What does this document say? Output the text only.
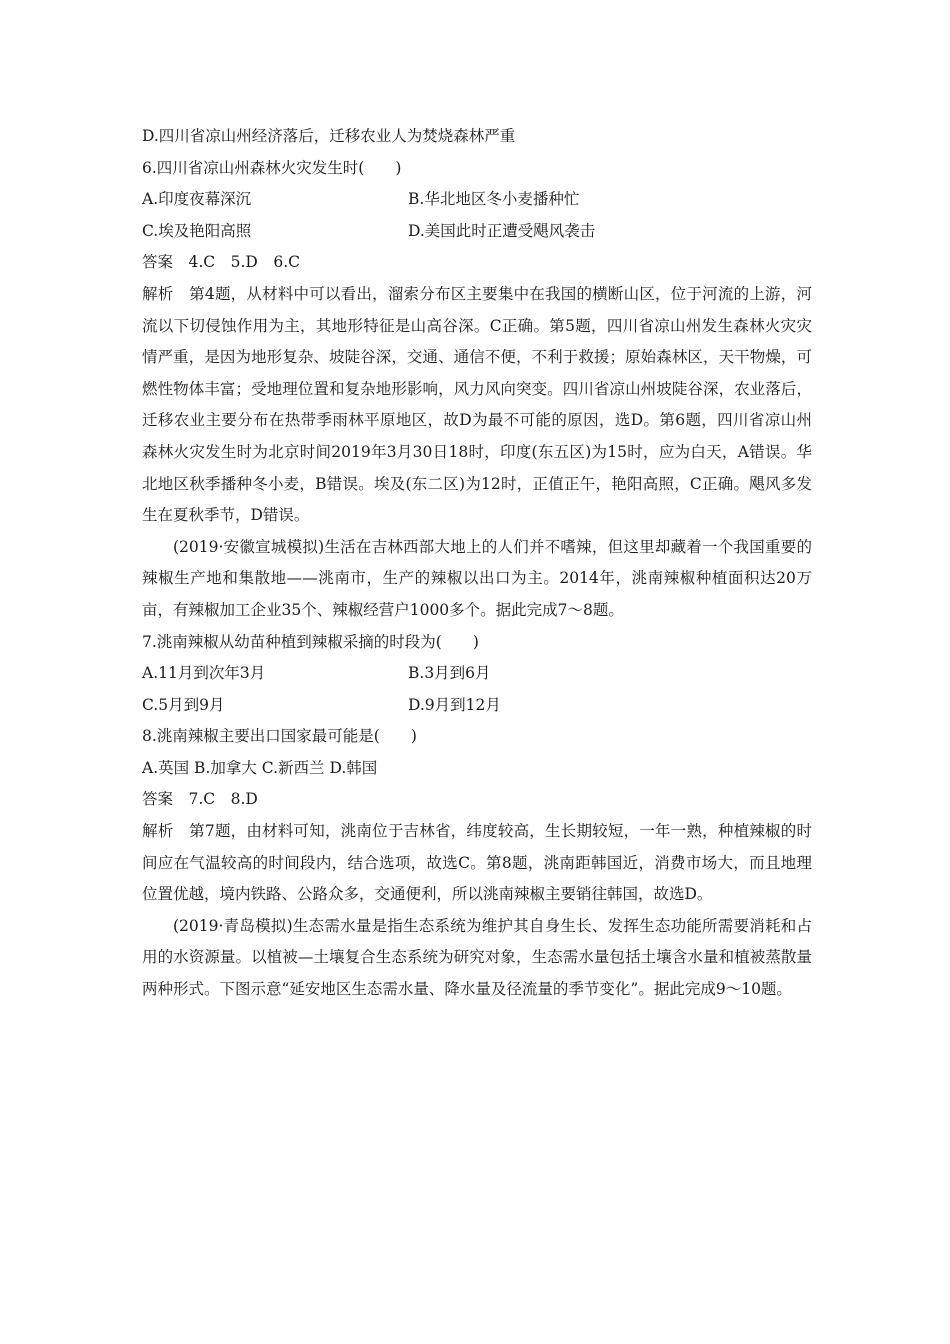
D.四川省凉山州经济落后，迁移农业人为焚烧森林严重

6.四川省凉山州森林火灾发生时(　　)

A.印度夜幕深沉	B.华北地区冬小麦播种忙
C.埃及艳阳高照	D.美国此时正遭受飓风袭击

答案　4.C　5.D　6.C

解析　第4题，从材料中可以看出，溜索分布区主要集中在我国的横断山区，位于河流的上游，河流以下切侵蚀作用为主，其地形特征是山高谷深。C正确。第5题，四川省凉山州发生森林火灾灾情严重，是因为地形复杂、坡陡谷深，交通、通信不便，不利于救援；原始森林区，天干物燥，可燃性物体丰富；受地理位置和复杂地形影响，风力风向突变。四川省凉山州坡陡谷深，农业落后，迁移农业主要分布在热带季雨林平原地区，故D为最不可能的原因，选D。第6题，四川省凉山州森林火灾发生时为北京时间2019年3月30日18时，印度(东五区)为15时，应为白天，A错误。华北地区秋季播种冬小麦，B错误。埃及(东二区)为12时，正值正午，艳阳高照，C正确。飓风多发生在夏秋季节，D错误。

(2019·安徽宣城模拟)生活在吉林西部大地上的人们并不嗜辣，但这里却藏着一个我国重要的辣椒生产地和集散地——洮南市，生产的辣椒以出口为主。2014年，洮南辣椒种植面积达20万亩，有辣椒加工企业35个、辣椒经营户1000多个。据此完成7～8题。

7.洮南辣椒从幼苗种植到辣椒采摘的时段为(　　)

A.11月到次年3月	B.3月到6月
C.5月到9月	D.9月到12月

8.洮南辣椒主要出口国家最可能是(　　)

A.英国 B.加拿大 C.新西兰 D.韩国

答案　7.C　8.D

解析　第7题，由材料可知，洮南位于吉林省，纬度较高，生长期较短，一年一熟，种植辣椒的时间应在气温较高的时间段内，结合选项，故选C。第8题，洮南距韩国近，消费市场大，而且地理位置优越，境内铁路、公路众多，交通便利，所以洮南辣椒主要销往韩国，故选D。

(2019·青岛模拟)生态需水量是指生态系统为维护其自身生长、发挥生态功能所需要消耗和占用的水资源量。以植被—土壤复合生态系统为研究对象，生态需水量包括土壤含水量和植被蒸散量两种形式。下图示意“延安地区生态需水量、降水量及径流量的季节变化”。据此完成9～10题。
